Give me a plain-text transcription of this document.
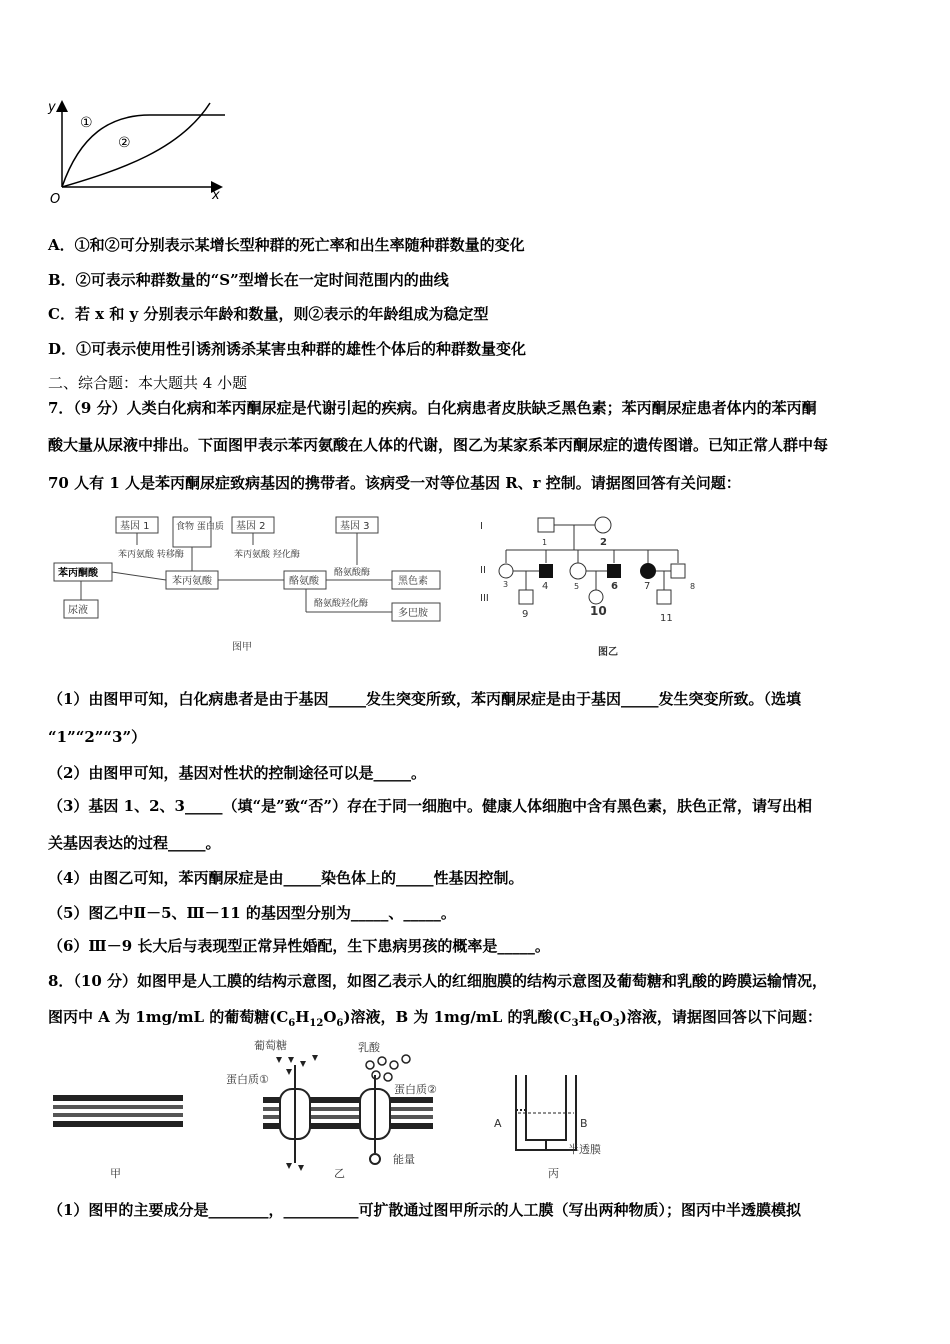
y
x
O
①
②
A．①和②可分别表示某增长型种群的死亡率和出生率随种群数量的变化
B．②可表示种群数量的“S”型增长在一定时间范围内的曲线
C．若 x 和 y 分别表示年龄和数量，则②表示的年龄组成为稳定型
D．①可表示使用性引诱剂诱杀某害虫种群的雄性个体后的种群数量变化
二、综合题：本大题共 4 小题
7．（9 分）人类白化病和苯丙酮尿症是代谢引起的疾病。白化病患者皮肤缺乏黑色素；苯丙酮尿症患者体内的苯丙酮
酸大量从尿液中排出。下面图甲表示苯丙氨酸在人体的代谢，图乙为某家系苯丙酮尿症的遗传图谱。已知正常人群中每
70 人有 1 人是苯丙酮尿症致病基因的携带者。该病受一对等位基因 R、r 控制。请据图回答有关问题：
基因 1	食物 蛋白质 基因 2	基因 3
苯丙氨酸 转移酶	苯丙氨酸 羟化酶
酪氨酸酶
酪氨酸羟化酶
苯丙酮酸
苯丙氨酸	酪氨酸	黑色素
尿液	多巴胺
图甲
I
II
III
1	2
3	4	5	6	7	8
9	10
11
图乙
（1）由图甲可知，白化病患者是由于基因_____发生突变所致，苯丙酮尿症是由于基因_____发生突变所致。（选填
“1”“2”“3”）
（2）由图甲可知，基因对性状的控制途径可以是_____。
（3）基因 1、2、3_____（填“是”致“否”）存在于同一细胞中。健康人体细胞中含有黑色素，肤色正常，请写出相
关基因表达的过程_____。
（4）由图乙可知，苯丙酮尿症是由_____染色体上的_____性基因控制。
（5）图乙中Ⅱ－5、Ⅲ－11 的基因型分别为_____、_____。
（6）Ⅲ－9 长大后与表现型正常异性婚配，生下患病男孩的概率是_____。
8．（10 分）如图甲是人工膜的结构示意图，如图乙表示人的红细胞膜的结构示意图及葡萄糖和乳酸的跨膜运输情况，
图丙中 A 为 1mg/mL 的葡萄糖$(C_6H_{12}O_6)$溶液，B 为 1mg/mL 的乳酸$(C_3H_6O_3)$溶液，请据图回答以下问题：
甲
葡萄糖	乳酸
蛋白质①
蛋白质②
能量
乙
A	B
半透膜
丙
（1）图甲的主要成分是________，__________可扩散通过图甲所示的人工膜（写出两种物质）；图丙中半透膜模拟
